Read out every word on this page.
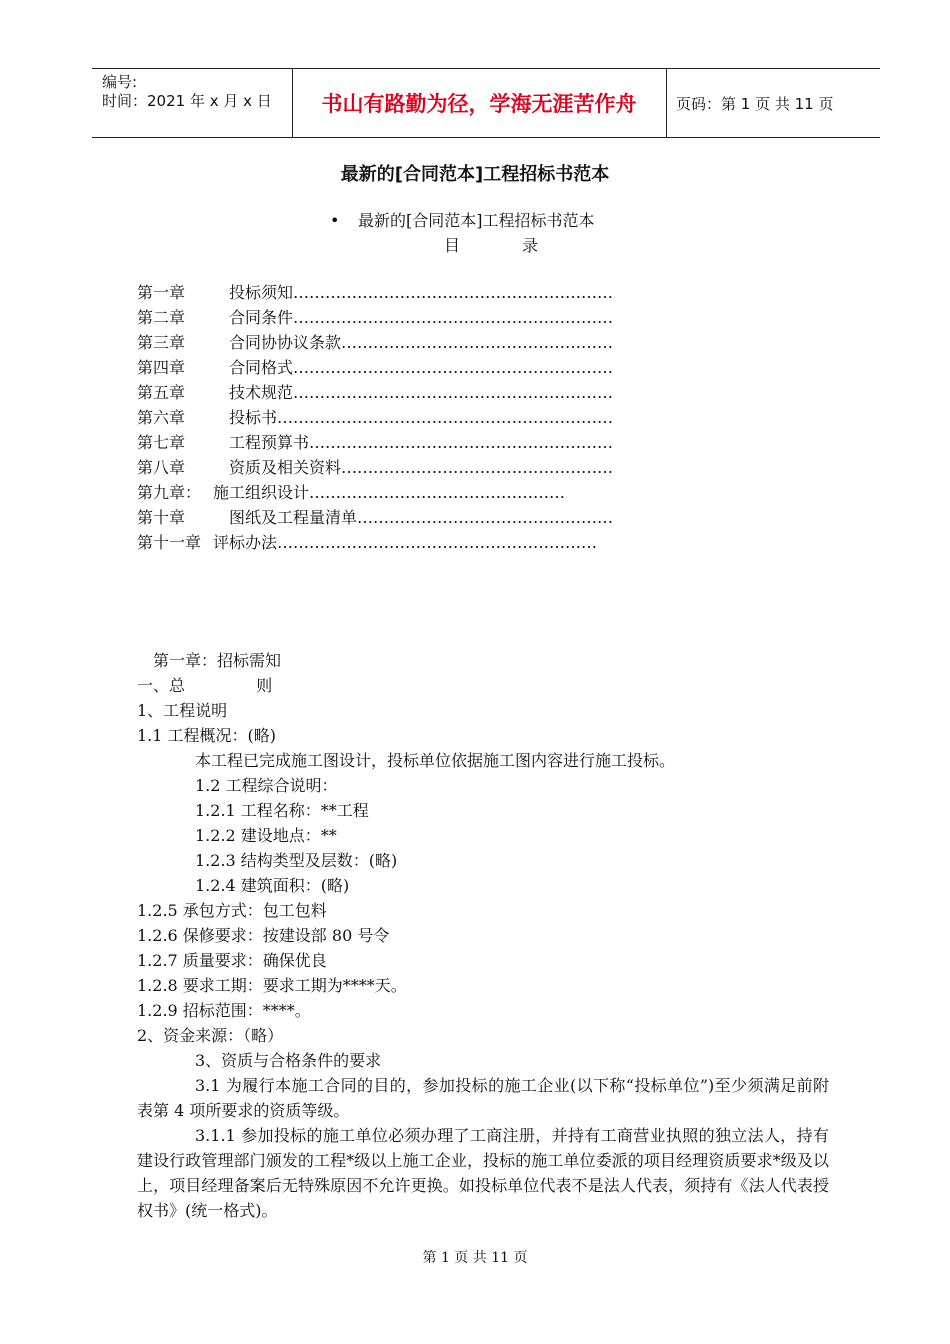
编号:
时间：2021 年 x 月 x 日	书山有路勤为径，学海无涯苦作舟	页码：第 1 页 共 11 页
最新的[合同范本]工程招标书范本
• 最新的[合同范本]工程招标书范本
目	录
第一章	投标须知……………………………………………………
第二章	合同条件……………………………………………………
第三章	合同协协议条款……………………………………………
第四章	合同格式……………………………………………………
第五章	技术规范……………………………………………………
第六章	投标书………………………………………………………
第七章	工程预算书…………………………………………………
第八章	资质及相关资料……………………………………………
第九章： 施工组织设计…………………………………………
第十章	图纸及工程量清单…………………………………………
第十一章 评标办法……………………………………………………
第一章：招标需知
一、总              则
1、工程说明
1.1 工程概况：(略)
本工程已完成施工图设计，投标单位依据施工图内容进行施工投标。
1.2 工程综合说明：
1.2.1 工程名称：**工程
1.2.2 建设地点：**
1.2.3 结构类型及层数：(略)
1.2.4 建筑面积：(略)
1.2.5 承包方式：包工包料
1.2.6 保修要求：按建设部 80 号令
1.2.7 质量要求：确保优良
1.2.8 要求工期：要求工期为****天。
1.2.9 招标范围：****。
2、资金来源：（略）
3、资质与合格条件的要求
3.1 为履行本施工合同的目的，参加投标的施工企业(以下称“投标单位”)至少须满足前附表第 4 项所要求的资质等级。
3.1.1 参加投标的施工单位必须办理了工商注册，并持有工商营业执照的独立法人，持有建设行政管理部门颁发的工程*级以上施工企业，投标的施工单位委派的项目经理资质要求*级及以上，项目经理备案后无特殊原因不允许更换。如投标单位代表不是法人代表，须持有《法人代表授权书》(统一格式)。
第 1 页 共 11 页
